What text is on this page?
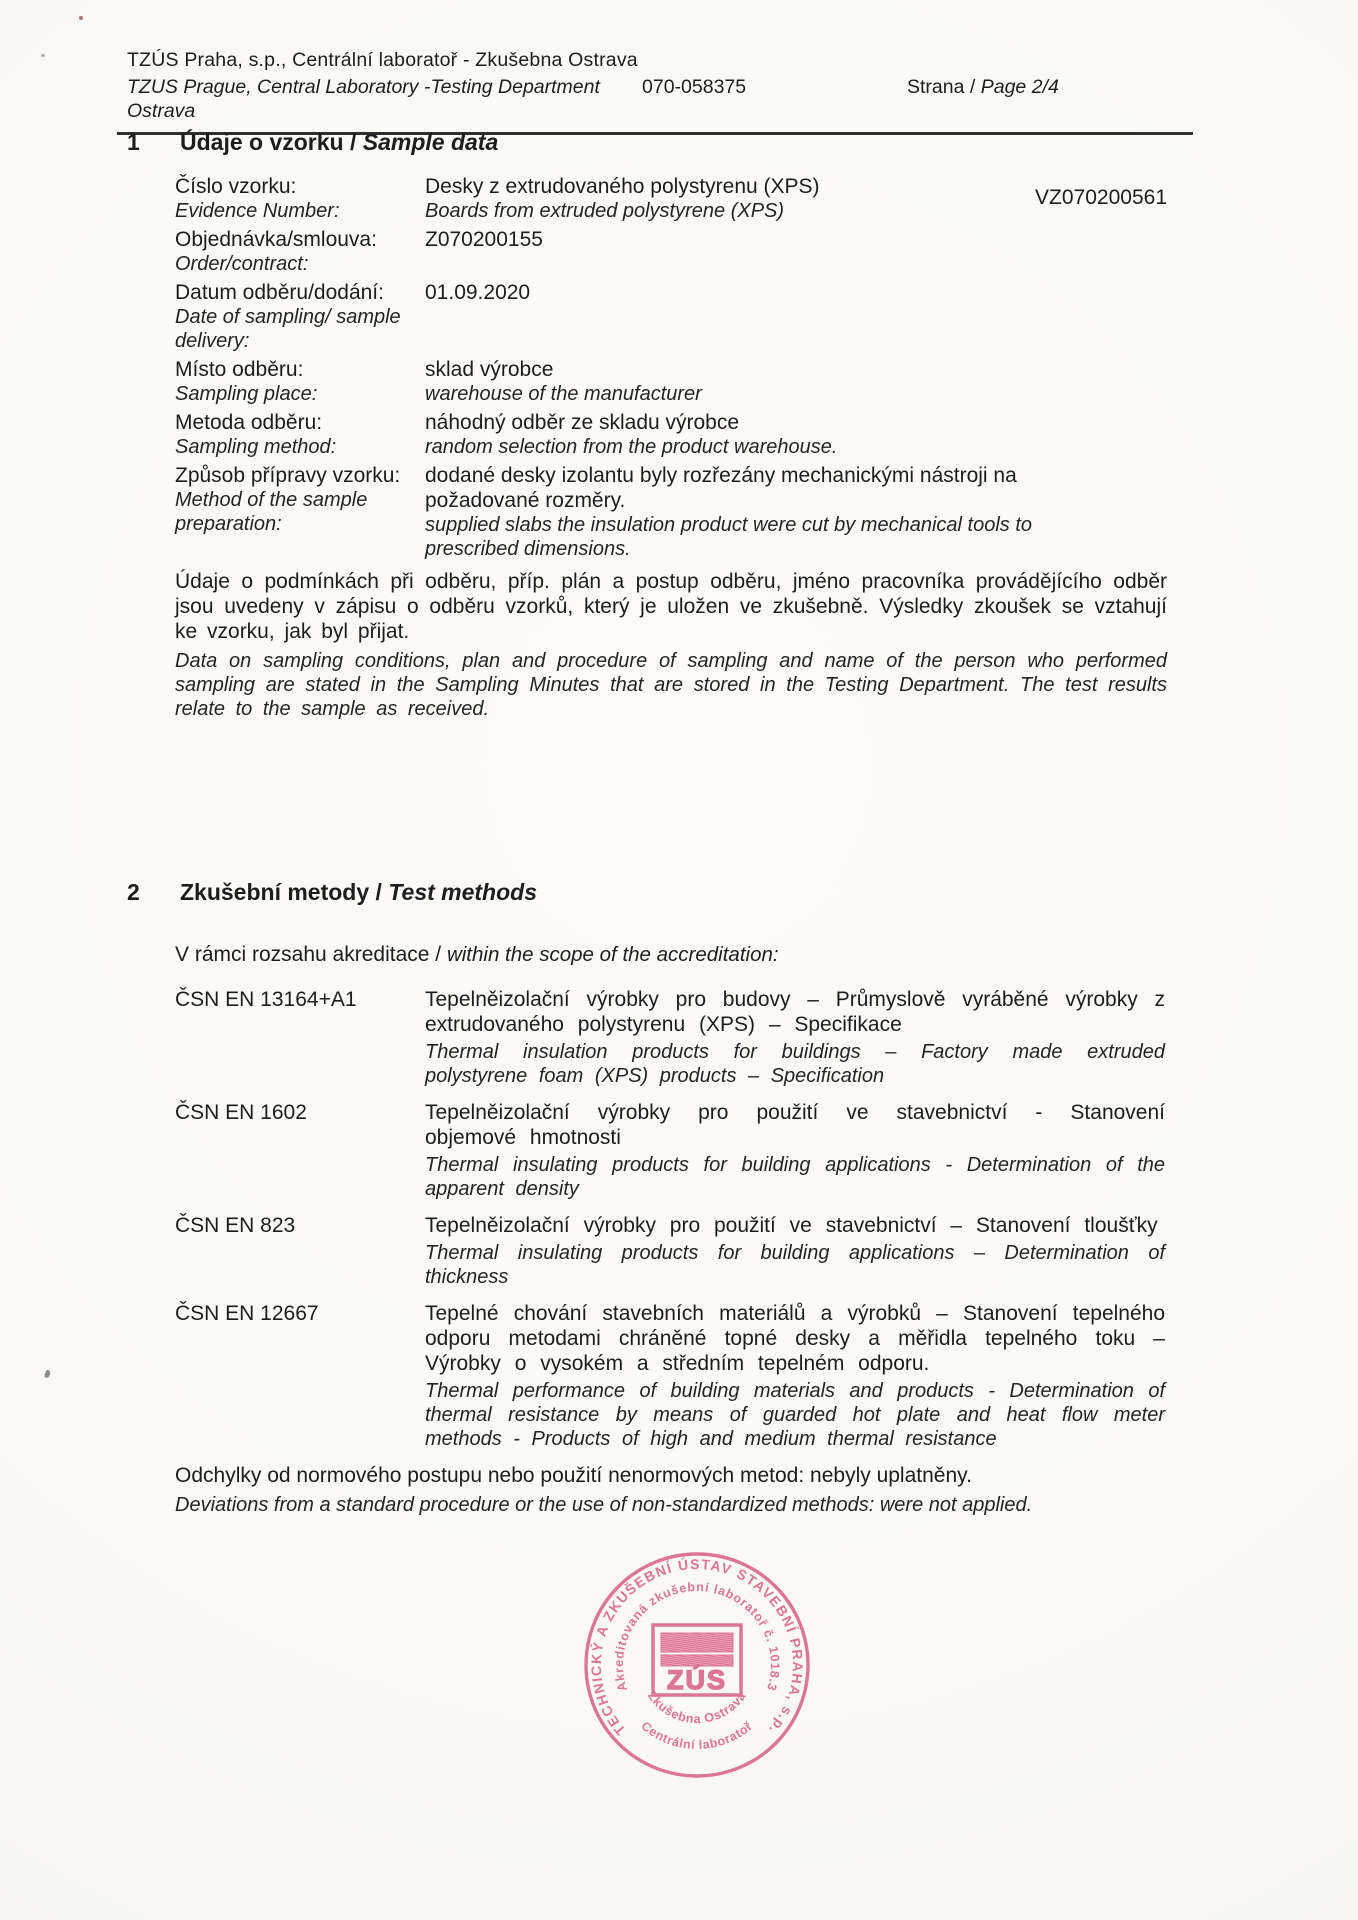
TZÚS Praha, s.p., Centrální laboratoř - Zkušebna Ostrava
TZUS Prague, Central Laboratory -Testing Department Ostrava
070-058375	Strana / Page 2/4
1	Údaje o vzorku / Sample data
Číslo vzorku:
Evidence Number:
Desky z extrudovaného polystyrenu (XPS)
Boards from extruded polystyrene (XPS)
VZ070200561
Objednávka/smlouva:
Order/contract:
Z070200155
Datum odběru/dodání:
Date of sampling/ sample delivery:
01.09.2020
Místo odběru:
Sampling place:
sklad výrobce
warehouse of the manufacturer
Metoda odběru:
Sampling method:
náhodný odběr ze skladu výrobce
random selection from the product warehouse.
Způsob přípravy vzorku:
Method of the sample preparation:
dodané desky izolantu byly rozřezány mechanickými nástroji na požadované rozměry.
supplied slabs the insulation product were cut by mechanical tools to prescribed dimensions.
Údaje o podmínkách při odběru, příp. plán a postup odběru, jméno pracovníka provádějícího odběr jsou uvedeny v zápisu o odběru vzorků, který je uložen ve zkušebně. Výsledky zkoušek se vztahují ke vzorku, jak byl přijat.
Data on sampling conditions, plan and procedure of sampling and name of the person who performed sampling are stated in the Sampling Minutes that are stored in the Testing Department. The test results relate to the sample as received.
2	Zkušební metody / Test methods
V rámci rozsahu akreditace / within the scope of the accreditation:
ČSN EN 13164+A1	Tepelněizolační výrobky pro budovy – Průmyslově vyráběné výrobky z extrudovaného polystyrenu (XPS) – Specifikace
Thermal insulation products for buildings – Factory made extruded polystyrene foam (XPS) products – Specification
ČSN EN 1602	Tepelněizolační výrobky pro použití ve stavebnictví - Stanovení objemové hmotnosti
Thermal insulating products for building applications - Determination of the apparent density
ČSN EN 823	Tepelněizolační výrobky pro použití ve stavebnictví – Stanovení tloušťky
Thermal insulating products for building applications – Determination of thickness
ČSN EN 12667	Tepelné chování stavebních materiálů a výrobků – Stanovení tepelného odporu metodami chráněné topné desky a měřidla tepelného toku – Výrobky o vysokém a středním tepelném odporu.
Thermal performance of building materials and products - Determination of thermal resistance by means of guarded hot plate and heat flow meter methods - Products of high and medium thermal resistance
Odchylky od normového postupu nebo použití nenormových metod: nebyly uplatněny.
Deviations from a standard procedure or the use of non-standardized methods: were not applied.
TECHNICKÝ A ZKUŠEBNÍ ÚSTAV STAVEBNÍ PRAHA, s.p.
Akreditovaná zkušební laboratoř č. 1018.3
ZÚS
Zkušebna Ostrava
Centrální laboratoř
